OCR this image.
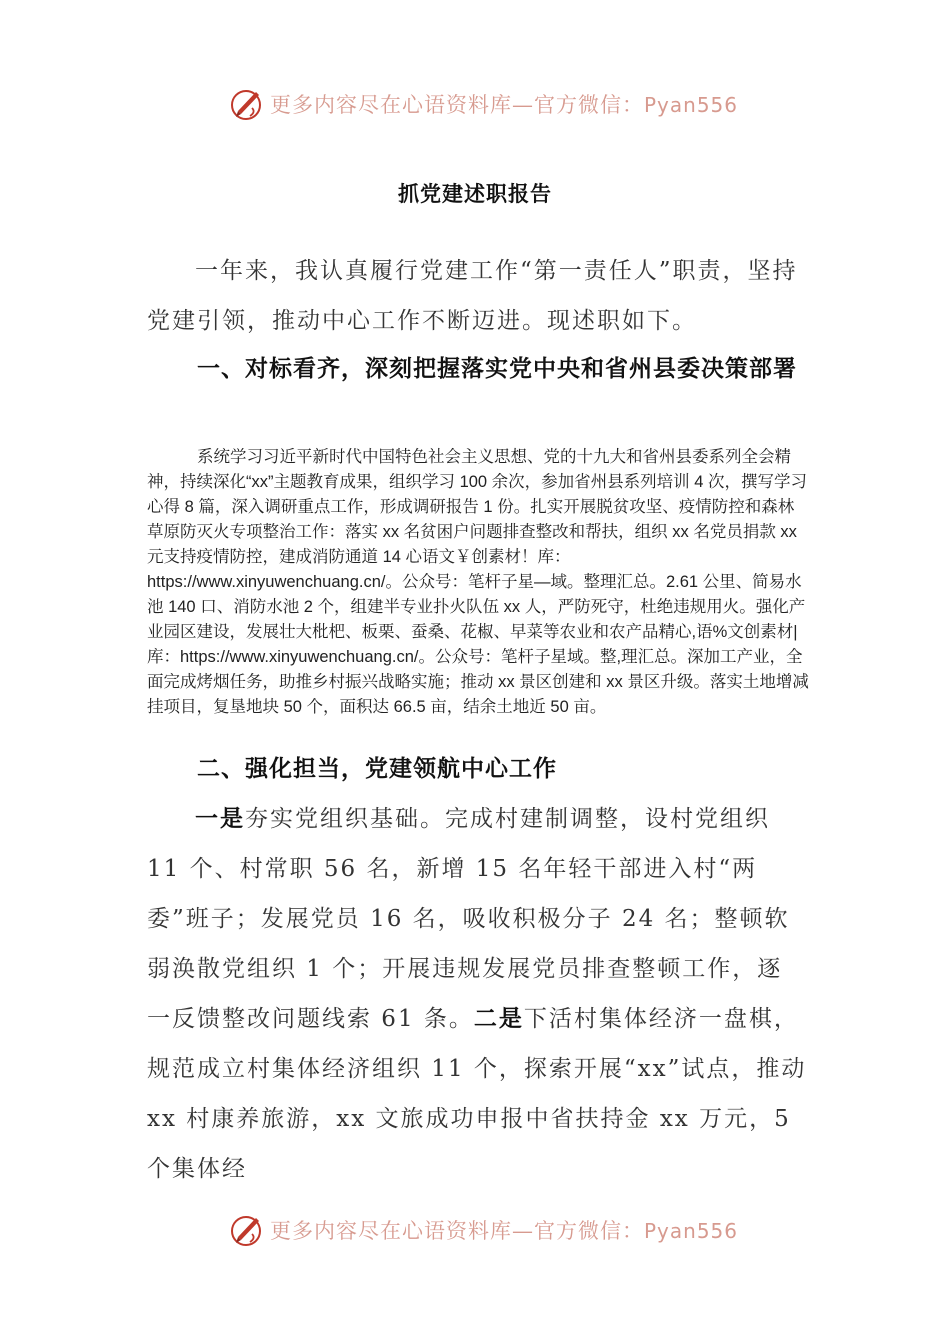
更多内容尽在心语资料库—官方微信：Pyan556
抓党建述职报告

一年来，我认真履行党建工作“第一责任人”职责，坚持党建引领，推动中心工作不断迈进。现述职如下。

一、对标看齐，深刻把握落实党中央和省州县委决策部署

系统学习习近平新时代中国特色社会主义思想、党的十九大和省州县委系列全会精神，持续深化“xx”主题教育成果，组织学习 100 余次，参加省州县系列培训 4 次，撰写学习心得 8 篇，深入调研重点工作，形成调研报告 1 份。扎实开展脱贫攻坚、疫情防控和森林草原防灭火专项整治工作：落实 xx 名贫困户问题排查整改和帮扶，组织 xx 名党员捐款 xx 元支持疫情防控，建成消防通道 14 心语文￥创素材！库：https://www.xinyuwenchuang.cn/。公众号：笔杆子星—域。整理汇总。2.61 公里、简易水池 140 口、消防水池 2 个，组建半专业扑火队伍 xx 人，严防死守，杜绝违规用火。强化产业园区建设，发展壮大枇杷、板栗、蚕桑、花椒、早菜等农业和农产品精心,语%文创素材|库：https://www.xinyuwenchuang.cn/。公众号：笔杆子星域。整,理汇总。深加工产业，全面完成烤烟任务，助推乡村振兴战略实施；推动 xx 景区创建和 xx 景区升级。落实土地增减挂项目，复垦地块 50 个，面积达 66.5 亩，结余土地近 50 亩。

二、强化担当，党建领航中心工作

一是夯实党组织基础。完成村建制调整，设村党组织 11 个、村常职 56 名，新增 15 名年轻干部进入村“两委”班子；发展党员 16 名，吸收积极分子 24 名；整顿软弱涣散党组织 1 个；开展违规发展党员排查整顿工作，逐一反馈整改问题线索 61 条。二是下活村集体经济一盘棋，规范成立村集体经济组织 11 个，探索开展“xx”试点，推动 xx 村康养旅游，xx 文旅成功申报中省扶持金 xx 万元，5 个集体经

更多内容尽在心语资料库—官方微信：Pyan556
